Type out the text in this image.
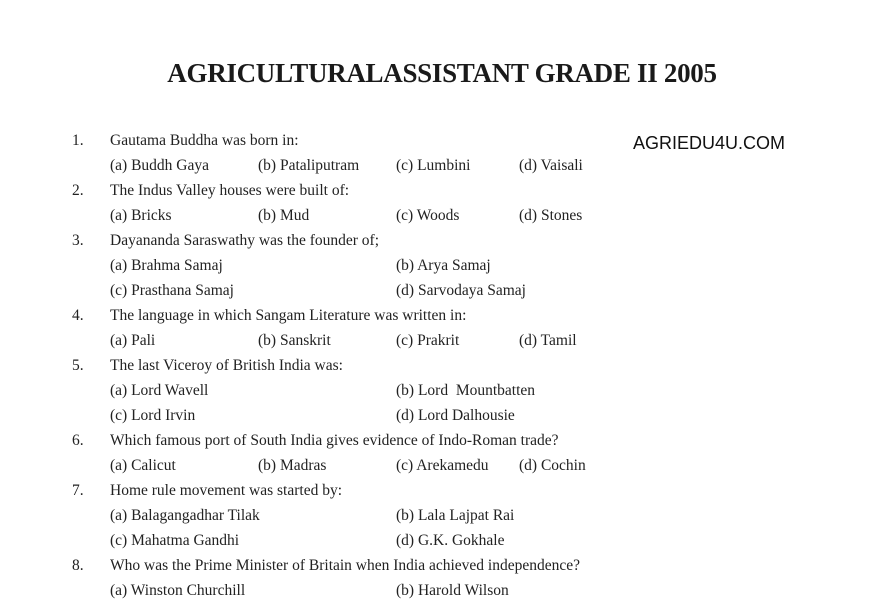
AGRICULTURALASSISTANT GRADE II 2005
AGRIEDU4U.COM
1. Gautama Buddha was born in:
(a) Buddh Gaya	(b) Pataliputram (c) Lumbini	(d) Vaisali
2. The Indus Valley houses were built of:
(a) Bricks	(b) Mud	(c) Woods	(d) Stones
3. Dayananda Saraswathy was the founder of;
(a) Brahma Samaj	(b) Arya Samaj
(c) Prasthana Samaj	(d) Sarvodaya Samaj
4. The language in which Sangam Literature was written in:
(a) Pali	(b) Sanskrit	(c) Prakrit	(d) Tamil
5. The last Viceroy of British India was:
(a) Lord Wavell	(b) Lord  Mountbatten
(c) Lord Irvin	(d) Lord Dalhousie
6. Which famous port of South India gives evidence of Indo-Roman trade?
(a) Calicut	(b) Madras	(c) Arekamedu (d) Cochin
7. Home rule movement was started by:
(a) Balagangadhar Tilak	(b) Lala Lajpat Rai
(c) Mahatma Gandhi	(d) G.K. Gokhale
8. Who was the Prime Minister of Britain when India achieved independence?
(a) Winston Churchill	(b) Harold Wilson
